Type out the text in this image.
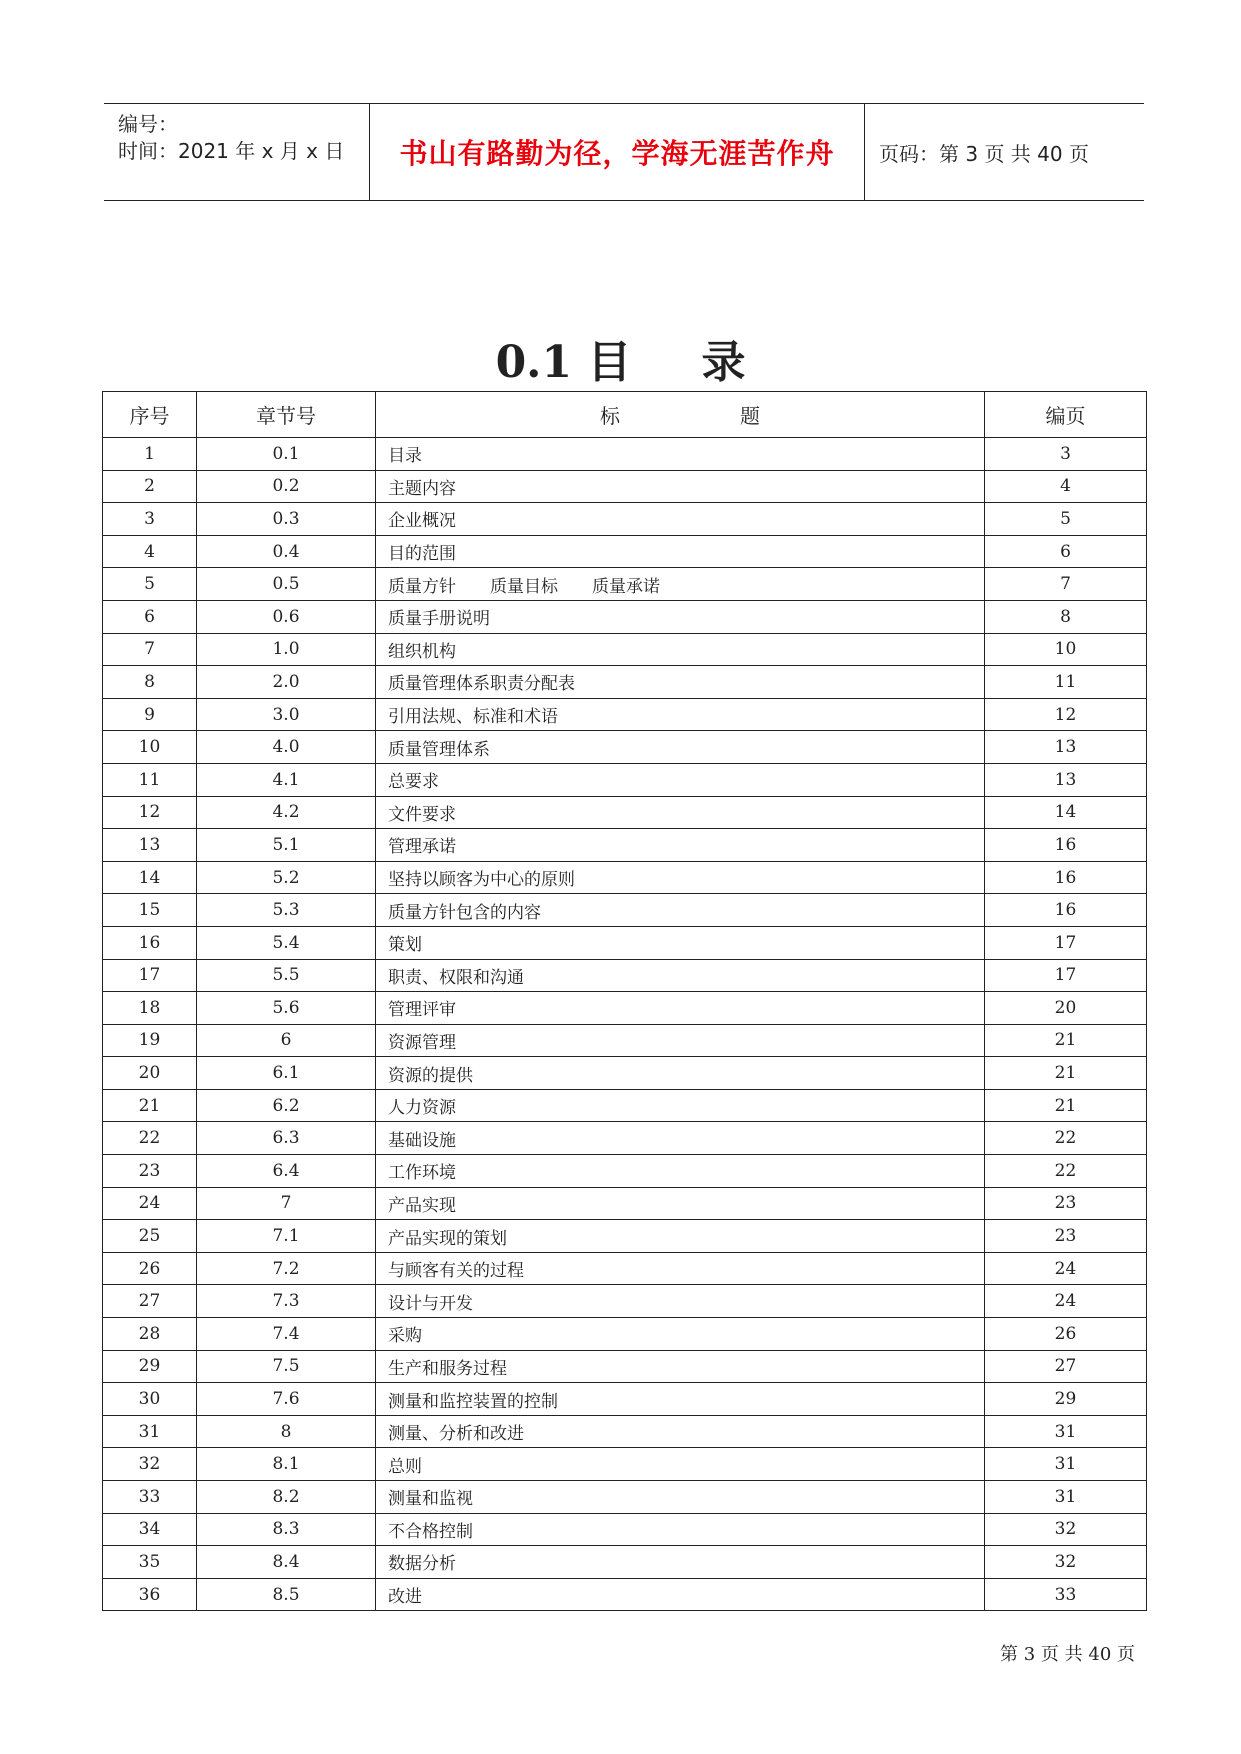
编号：
时间：2021 年 x 月 x 日 书山有路勤为径，学海无涯苦作舟 页码：第 3 页 共 40 页
0.1 目 录
序号	章节号	标 题	编页
1	0.1	目录	3
2	0.2	主题内容	4
3	0.3	企业概况	5
4	0.4	目的范围	6
5	0.5	质量方针　　质量目标　　质量承诺	7
6	0.6	质量手册说明	8
7	1.0	组织机构	10
8	2.0	质量管理体系职责分配表	11
9	3.0	引用法规、标准和术语	12
10	4.0	质量管理体系	13
11	4.1	总要求	13
12	4.2	文件要求	14
13	5.1	管理承诺	16
14	5.2	坚持以顾客为中心的原则	16
15	5.3	质量方针包含的内容	16
16	5.4	策划	17
17	5.5	职责、权限和沟通	17
18	5.6	管理评审	20
19	6	资源管理	21
20	6.1	资源的提供	21
21	6.2	人力资源	21
22	6.3	基础设施	22
23	6.4	工作环境	22
24	7	产品实现	23
25	7.1	产品实现的策划	23
26	7.2	与顾客有关的过程	24
27	7.3	设计与开发	24
28	7.4	采购	26
29	7.5	生产和服务过程	27
30	7.6	测量和监控装置的控制	29
31	8	测量、分析和改进	31
32	8.1	总则	31
33	8.2	测量和监视	31
34	8.3	不合格控制	32
35	8.4	数据分析	32
36	8.5	改进	33
第 3 页 共 40 页
